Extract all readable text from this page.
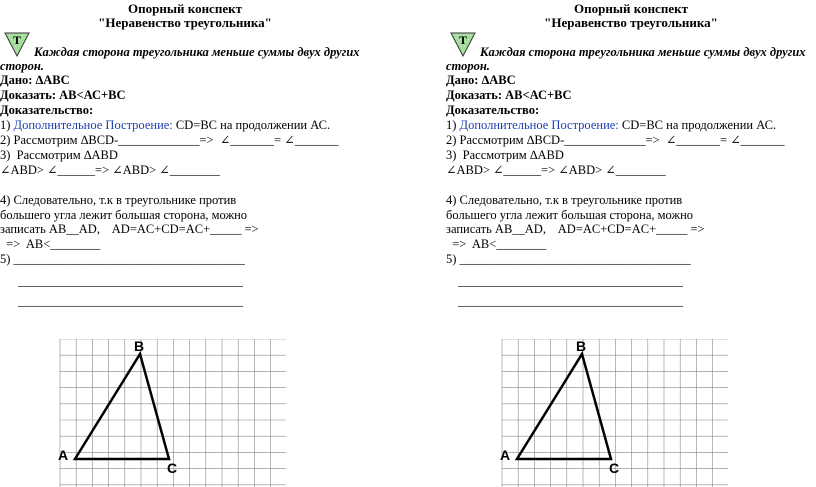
Опорный конспект
"Неравенство треугольника"
Т
Каждая сторона треугольника меньше суммы двух других
сторон.
Дано: ∆АВС
Доказать: АВ<АС+ВС
Доказательство:
1) Дополнительное Построение: CD=ВС на продолжении АС.
2) Рассмотрим ∆BCD-_____________=>  ∠_______= ∠_______
3)  Рассмотрим ∆ABD
∠ABD> ∠______=> ∠ABD> ∠________
4) Следовательно, т.к в треугольнике против
большего угла лежит большая сторона, можно
записать АВ__AD,    AD=AC+CD=AC+_____ =>
=>  AB<________
5) _____________________________________
____________________________________
____________________________________
B
A
C
Опорный конспект
"Неравенство треугольника"
Т
Каждая сторона треугольника меньше суммы двух других
сторон.
Дано: ∆АВС
Доказать: АВ<АС+ВС
Доказательство:
1) Дополнительное Построение: CD=ВС на продолжении АС.
2) Рассмотрим ∆BCD-_____________=>  ∠_______= ∠_______
3)  Рассмотрим ∆ABD
∠ABD> ∠______=> ∠ABD> ∠________
4) Следовательно, т.к в треугольнике против
большего угла лежит большая сторона, можно
записать АВ__AD,    AD=AC+CD=AC+_____ =>
=>  AB<________
5) _____________________________________
____________________________________
____________________________________
B
A
C
